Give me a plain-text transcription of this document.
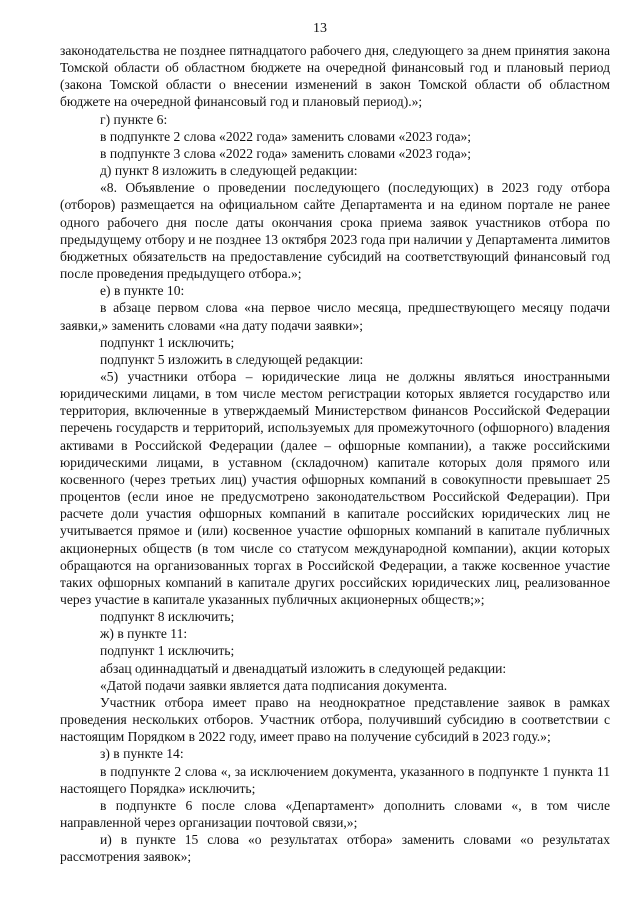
13

законодательства не позднее пятнадцатого рабочего дня, следующего за днем принятия закона Томской области об областном бюджете на очередной финансовый год и плановый период (закона Томской области о внесении изменений в закон Томской области об областном бюджете на очередной финансовый год и плановый период).»;

г) пункте 6:

в подпункте 2 слова «2022 года» заменить словами «2023 года»;

в подпункте 3 слова «2022 года» заменить словами «2023 года»;

д) пункт 8 изложить в следующей редакции:

«8. Объявление о проведении последующего (последующих) в 2023 году отбора (отборов) размещается на официальном сайте Департамента и на едином портале не ранее одного рабочего дня после даты окончания срока приема заявок участников отбора по предыдущему отбору и не позднее 13 октября 2023 года при наличии у Департамента лимитов бюджетных обязательств на предоставление субсидий на соответствующий финансовый год после проведения предыдущего отбора.»;

е) в пункте 10:

в абзаце первом слова «на первое число месяца, предшествующего месяцу подачи заявки,» заменить словами «на дату подачи заявки»;

подпункт 1 исключить;

подпункт 5 изложить в следующей редакции:

«5) участники отбора – юридические лица не должны являться иностранными юридическими лицами, в том числе местом регистрации которых является государство или территория, включенные в утверждаемый Министерством финансов Российской Федерации перечень государств и территорий, используемых для промежуточного (офшорного) владения активами в Российской Федерации (далее – офшорные компании), а также российскими юридическими лицами, в уставном (складочном) капитале которых доля прямого или косвенного (через третьих лиц) участия офшорных компаний в совокупности превышает 25 процентов (если иное не предусмотрено законодательством Российской Федерации). При расчете доли участия офшорных компаний в капитале российских юридических лиц не учитывается прямое и (или) косвенное участие офшорных компаний в капитале публичных акционерных обществ (в том числе со статусом международной компании), акции которых обращаются на организованных торгах в Российской Федерации, а также косвенное участие таких офшорных компаний в капитале других российских юридических лиц, реализованное через участие в капитале указанных публичных акционерных обществ;»;

подпункт 8 исключить;

ж) в пункте 11:

подпункт 1 исключить;

абзац одиннадцатый и двенадцатый изложить в следующей редакции:

«Датой подачи заявки является дата подписания документа.

Участник отбора имеет право на неоднократное представление заявок в рамках проведения нескольких отборов. Участник отбора, получивший субсидию в соответствии с настоящим Порядком в 2022 году, имеет право на получение субсидий в 2023 году.»;

з) в пункте 14:

в подпункте 2 слова «, за исключением документа, указанного в подпункте 1 пункта 11 настоящего Порядка» исключить;

в подпункте 6 после слова «Департамент» дополнить словами «, в том числе направленной через организации почтовой связи,»;

и) в пункте 15 слова «о результатах отбора» заменить словами «о результатах рассмотрения заявок»;
